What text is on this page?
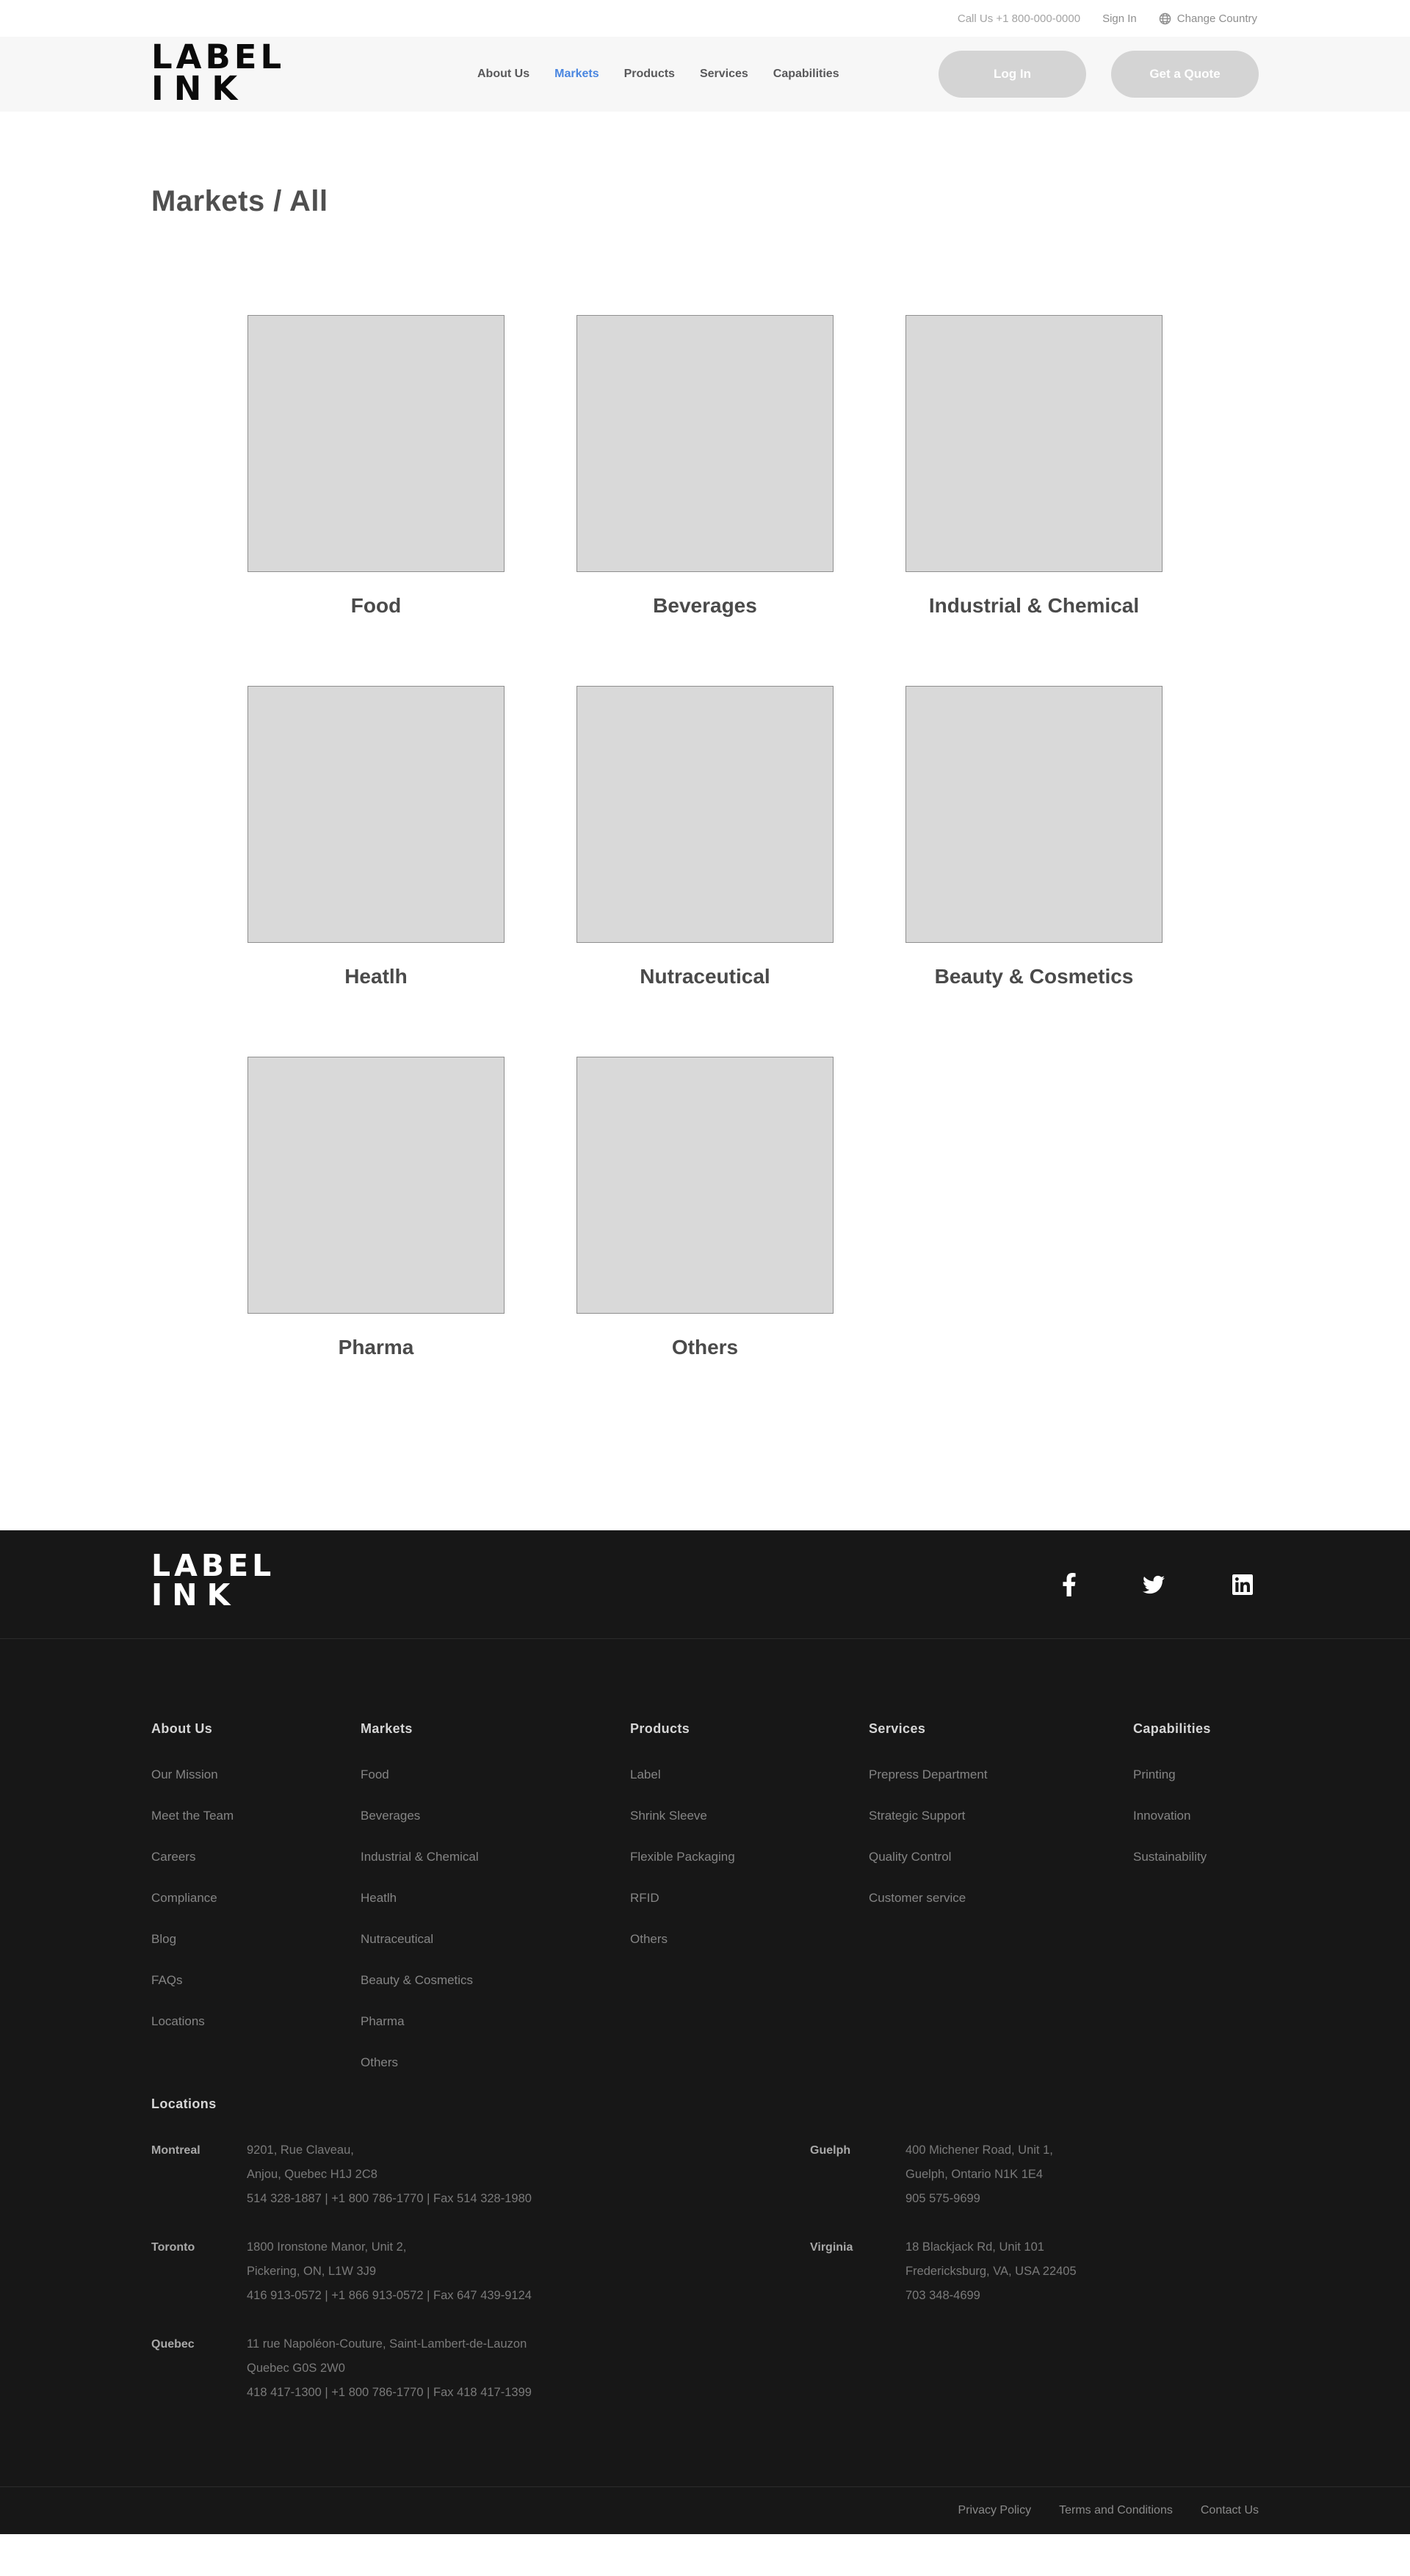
Call Us +1 800-000-0000 Sign In	Change Country
LABEL
INK	About Us Markets Products Services Capabilities	Log In	Get a Quote
Markets / All
Food	Beverages	Industrial & Chemical
Heatlh	Nutraceutical	Beauty & Cosmetics
Pharma	Others
LABEL
INK
About Us
Our Mission
Meet the Team
Careers
Compliance
Blog
FAQs
Locations
Markets
Food
Beverages
Industrial & Chemical
Heatlh
Nutraceutical
Beauty & Cosmetics
Pharma
Others
Products
Label
Shrink Sleeve
Flexible Packaging
RFID
Others
Services
Prepress Department
Strategic Support
Quality Control
Customer service
Capabilities
Printing
Innovation
Sustainability
Locations
Montreal	9201, Rue Claveau,
Anjou, Quebec H1J 2C8
514 328-1887 | +1 800 786-1770 | Fax 514 328-1980
Toronto	1800 Ironstone Manor, Unit 2,
Pickering, ON, L1W 3J9
416 913-0572 | +1 866 913-0572 | Fax 647 439-9124
Quebec	11 rue Napoléon-Couture, Saint-Lambert-de-Lauzon
Quebec G0S 2W0
418 417-1300 | +1 800 786-1770 | Fax 418 417-1399
Guelph	400 Michener Road, Unit 1,
Guelph, Ontario N1K 1E4
905 575-9699
Virginia	18 Blackjack Rd, Unit 101
Fredericksburg, VA, USA 22405
703 348-4699
Privacy Policy Terms and Conditions Contact Us
